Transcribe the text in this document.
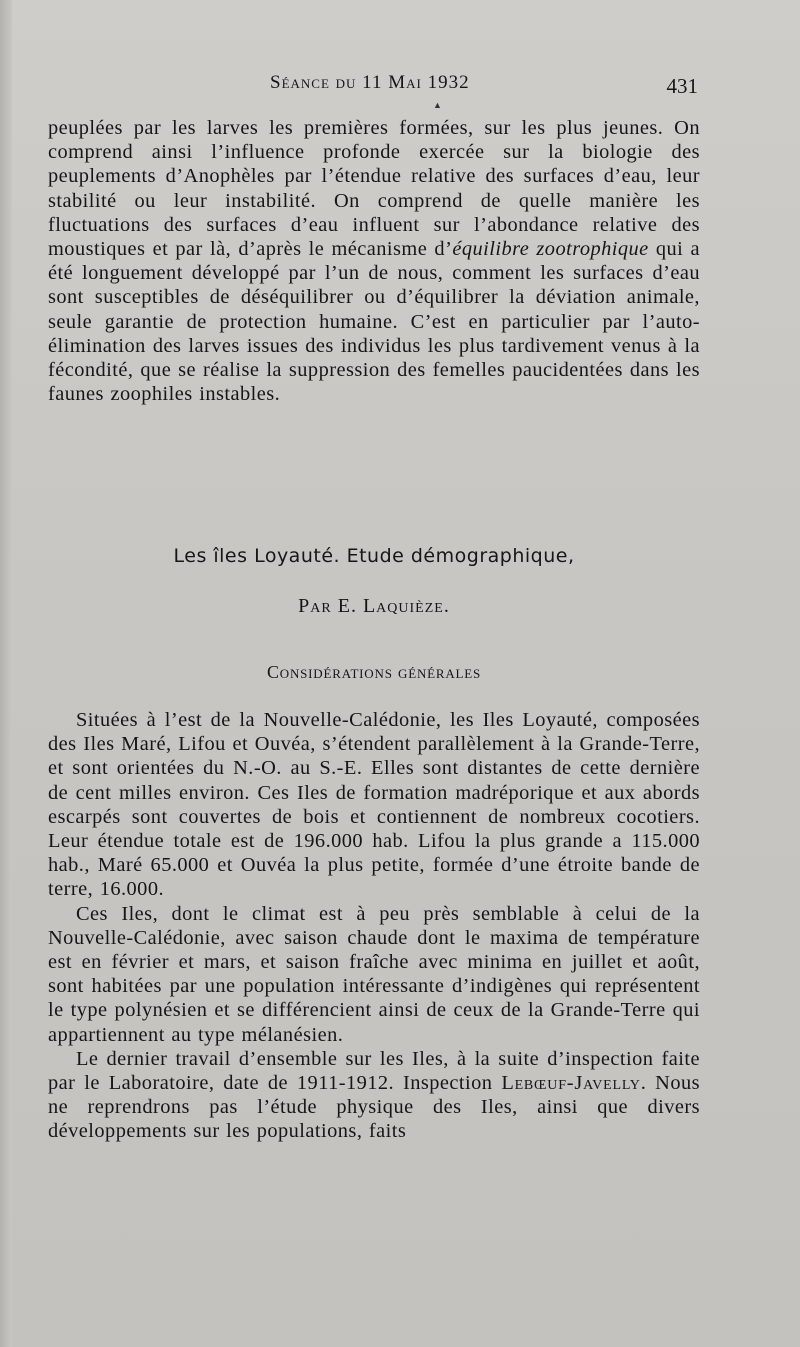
Séance du 11 Mai 1932	431
▲

peuplées par les larves les premières formées, sur les plus jeunes. On comprend ainsi l’influence profonde exercée sur la biologie des peuplements d’Anophèles par l’étendue relative des surfaces d’eau, leur stabilité ou leur instabilité. On comprend de quelle manière les fluctuations des surfaces d’eau influent sur l’abondance relative des moustiques et par là, d’après le mécanisme d’équilibre zootrophique qui a été longuement développé par l’un de nous, comment les surfaces d’eau sont susceptibles de déséquilibrer ou d’équilibrer la déviation animale, seule garantie de protection humaine. C’est en particulier par l’auto-élimination des larves issues des individus les plus tardivement venus à la fécondité, que se réalise la suppression des femelles paucidentées dans les faunes zoophiles instables.

Les îles Loyauté. Etude démographique,
Par E. Laquièze.
Considérations générales

Situées à l’est de la Nouvelle-Calédonie, les Iles Loyauté, composées des Iles Maré, Lifou et Ouvéa, s’étendent parallèlement à la Grande-Terre, et sont orientées du N.-O. au S.-E. Elles sont distantes de cette dernière de cent milles environ. Ces Iles de formation madréporique et aux abords escarpés sont couvertes de bois et contiennent de nombreux cocotiers. Leur étendue totale est de 196.000 hab. Lifou la plus grande a 115.000 hab., Maré 65.000 et Ouvéa la plus petite, formée d’une étroite bande de terre, 16.000.

Ces Iles, dont le climat est à peu près semblable à celui de la Nouvelle-Calédonie, avec saison chaude dont le maxima de température est en février et mars, et saison fraîche avec minima en juillet et août, sont habitées par une population intéressante d’indigènes qui représentent le type polynésien et se différencient ainsi de ceux de la Grande-Terre qui appartiennent au type mélanésien.

Le dernier travail d’ensemble sur les Iles, à la suite d’inspection faite par le Laboratoire, date de 1911-1912. Inspection Lebœuf-Javelly. Nous ne reprendrons pas l’étude physique des Iles, ainsi que divers développements sur les populations, faits
